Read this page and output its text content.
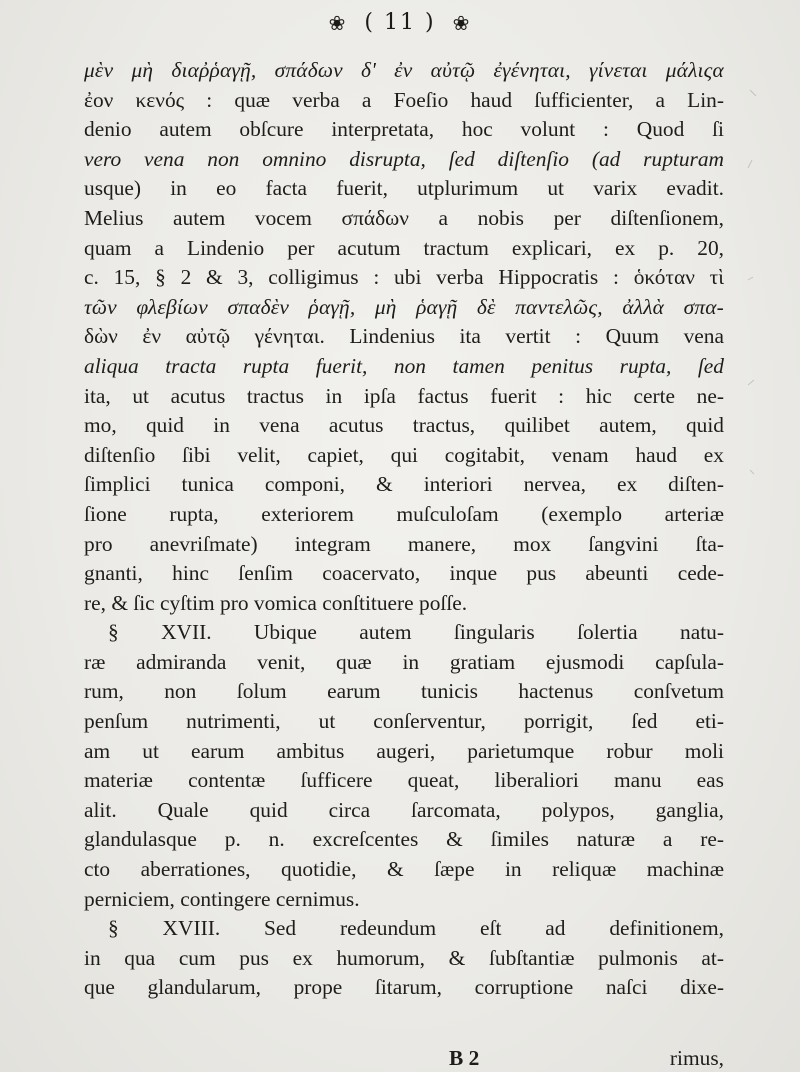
❀ ( 11 ) ❀
μὲν μὴ διαῤῥαγῇ, σπάδων δ' ἐν αὐτῷ ἐγένηται, γίνεται μάλιςα
ἐον κενός : quæ verba a Foeſio haud ſufficienter, a Lin-
denio autem obſcure interpretata, hoc volunt : Quod ſi
vero vena non omnino disrupta, ſed diſtenſio (ad rupturam
usque) in eo facta fuerit, utplurimum ut varix evadit.
Melius autem vocem σπάδων a nobis per diſtenſionem,
quam a Lindenio per acutum tractum explicari, ex p. 20,
c. 15, § 2 & 3, colligimus : ubi verba Hippocratis : ὁκόταν τὶ
τῶν φλεβίων σπαδὲν ῥαγῇ, μὴ ῥαγῇ δὲ παντελῶς, ἀλλὰ σπα-
δὼν ἐν αὐτῷ γένηται. Lindenius ita vertit : Quum vena
aliqua tracta rupta fuerit, non tamen penitus rupta, ſed
ita, ut acutus tractus in ipſa factus fuerit : hic certe ne-
mo, quid in vena acutus tractus, quilibet autem, quid
diſtenſio ſibi velit, capiet, qui cogitabit, venam haud ex
ſimplici tunica componi, & interiori nervea, ex diſten-
ſione rupta, exteriorem muſculoſam (exemplo arteriæ
pro anevriſmate) integram manere, mox ſangvini ſta-
gnanti, hinc ſenſim coacervato, inque pus abeunti cede-
re, & ſic cyſtim pro vomica conſtituere poſſe.
§ XVII. Ubique autem ſingularis ſolertia natu-
ræ admiranda venit, quæ in gratiam ejusmodi capſula-
rum, non ſolum earum tunicis hactenus conſvetum
penſum nutrimenti, ut conſerventur, porrigit, ſed eti-
am ut earum ambitus augeri, parietumque robur moli
materiæ contentæ ſufficere queat, liberaliori manu eas
alit. Quale quid circa ſarcomata, polypos, ganglia,
glandulasque p. n. excreſcentes & ſimiles naturæ a re-
cto aberrationes, quotidie, & ſæpe in reliquæ machinæ
perniciem, contingere cernimus.
§ XVIII. Sed redeundum eſt ad definitionem,
in qua cum pus ex humorum, & ſubſtantiæ pulmonis at-
que glandularum, prope ſitarum, corruptione naſci dixe-
B 2	rimus,
